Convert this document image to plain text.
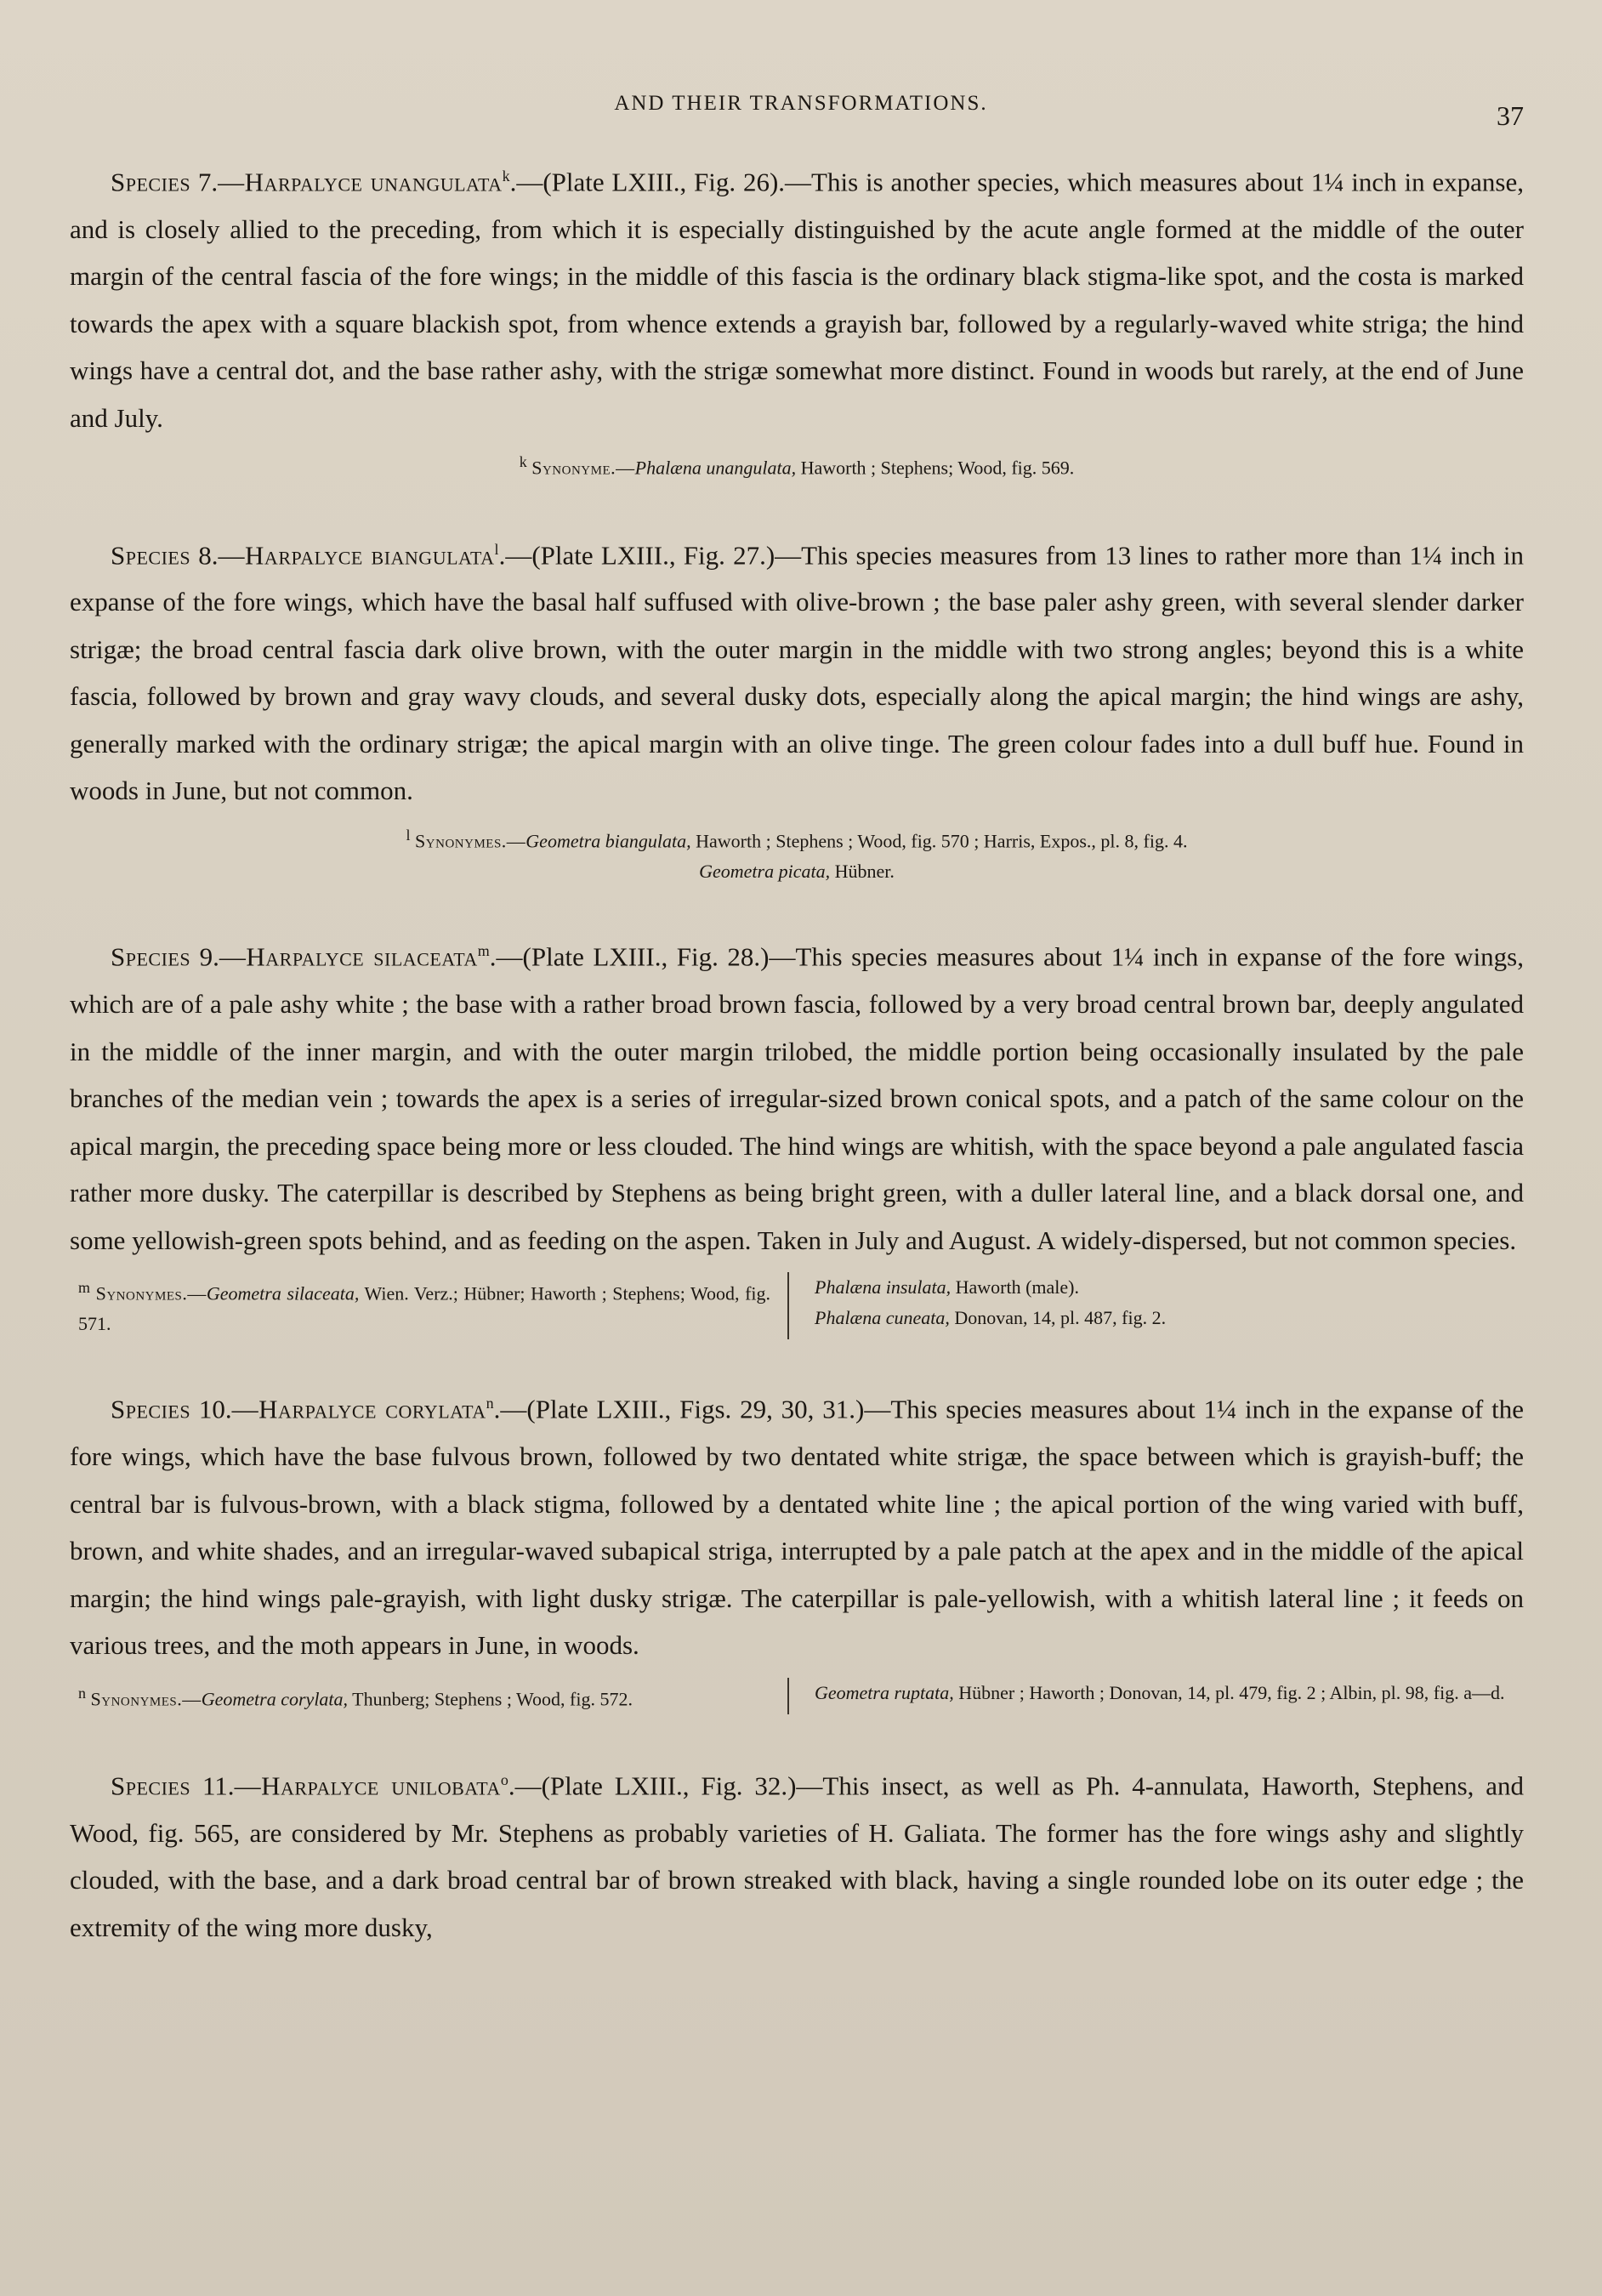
AND THEIR TRANSFORMATIONS.	37

Species 7.—Harpalyce unangulata$^k$.—(Plate LXIII., Fig. 26).—This is another species, which measures about 1¼ inch in expanse, and is closely allied to the preceding, from which it is especially distinguished by the acute angle formed at the middle of the outer margin of the central fascia of the fore wings; in the middle of this fascia is the ordinary black stigma-like spot, and the costa is marked towards the apex with a square blackish spot, from whence extends a grayish bar, followed by a regularly-waved white striga; the hind wings have a central dot, and the base rather ashy, with the strigæ somewhat more distinct. Found in woods but rarely, at the end of June and July.

$^k$ Synonyme.—Phalæna unangulata, Haworth ; Stephens; Wood, fig. 569.

Species 8.—Harpalyce biangulata$^l$.—(Plate LXIII., Fig. 27.)—This species measures from 13 lines to rather more than 1¼ inch in expanse of the fore wings, which have the basal half suffused with olive-brown ; the base paler ashy green, with several slender darker strigæ; the broad central fascia dark olive brown, with the outer margin in the middle with two strong angles; beyond this is a white fascia, followed by brown and gray wavy clouds, and several dusky dots, especially along the apical margin; the hind wings are ashy, generally marked with the ordinary strigæ; the apical margin with an olive tinge. The green colour fades into a dull buff hue. Found in woods in June, but not common.

$^l$ Synonymes.—Geometra biangulata, Haworth ; Stephens ; Wood, fig. 570 ; Harris, Expos., pl. 8, fig. 4.
Geometra picata, Hübner.

Species 9.—Harpalyce silaceata$^m$.—(Plate LXIII., Fig. 28.)—This species measures about 1¼ inch in expanse of the fore wings, which are of a pale ashy white ; the base with a rather broad brown fascia, followed by a very broad central brown bar, deeply angulated in the middle of the inner margin, and with the outer margin trilobed, the middle portion being occasionally insulated by the pale branches of the median vein ; towards the apex is a series of irregular-sized brown conical spots, and a patch of the same colour on the apical margin, the preceding space being more or less clouded. The hind wings are whitish, with the space beyond a pale angulated fascia rather more dusky. The caterpillar is described by Stephens as being bright green, with a duller lateral line, and a black dorsal one, and some yellowish-green spots behind, and as feeding on the aspen. Taken in July and August. A widely-dispersed, but not common species.

$^m$ Synonymes.—Geometra silaceata, Wien. Verz.; Hübner; Haworth ; Stephens; Wood, fig. 571.
Phalæna insulata, Haworth (male).
Phalæna cuneata, Donovan, 14, pl. 487, fig. 2.

Species 10.—Harpalyce corylata$^n$.—(Plate LXIII., Figs. 29, 30, 31.)—This species measures about 1¼ inch in the expanse of the fore wings, which have the base fulvous brown, followed by two dentated white strigæ, the space between which is grayish-buff; the central bar is fulvous-brown, with a black stigma, followed by a dentated white line ; the apical portion of the wing varied with buff, brown, and white shades, and an irregular-waved subapical striga, interrupted by a pale patch at the apex and in the middle of the apical margin; the hind wings pale-grayish, with light dusky strigæ. The caterpillar is pale-yellowish, with a whitish lateral line ; it feeds on various trees, and the moth appears in June, in woods.

$^n$ Synonymes.—Geometra corylata, Thunberg; Stephens ; Wood, fig. 572.	Geometra ruptata, Hübner ; Haworth ; Donovan, 14, pl. 479, fig. 2 ; Albin, pl. 98, fig. a—d.

Species 11.—Harpalyce unilobata$^o$.—(Plate LXIII., Fig. 32.)—This insect, as well as Ph. 4-annulata, Haworth, Stephens, and Wood, fig. 565, are considered by Mr. Stephens as probably varieties of H. Galiata. The former has the fore wings ashy and slightly clouded, with the base, and a dark broad central bar of brown streaked with black, having a single rounded lobe on its outer edge ; the extremity of the wing more dusky,
